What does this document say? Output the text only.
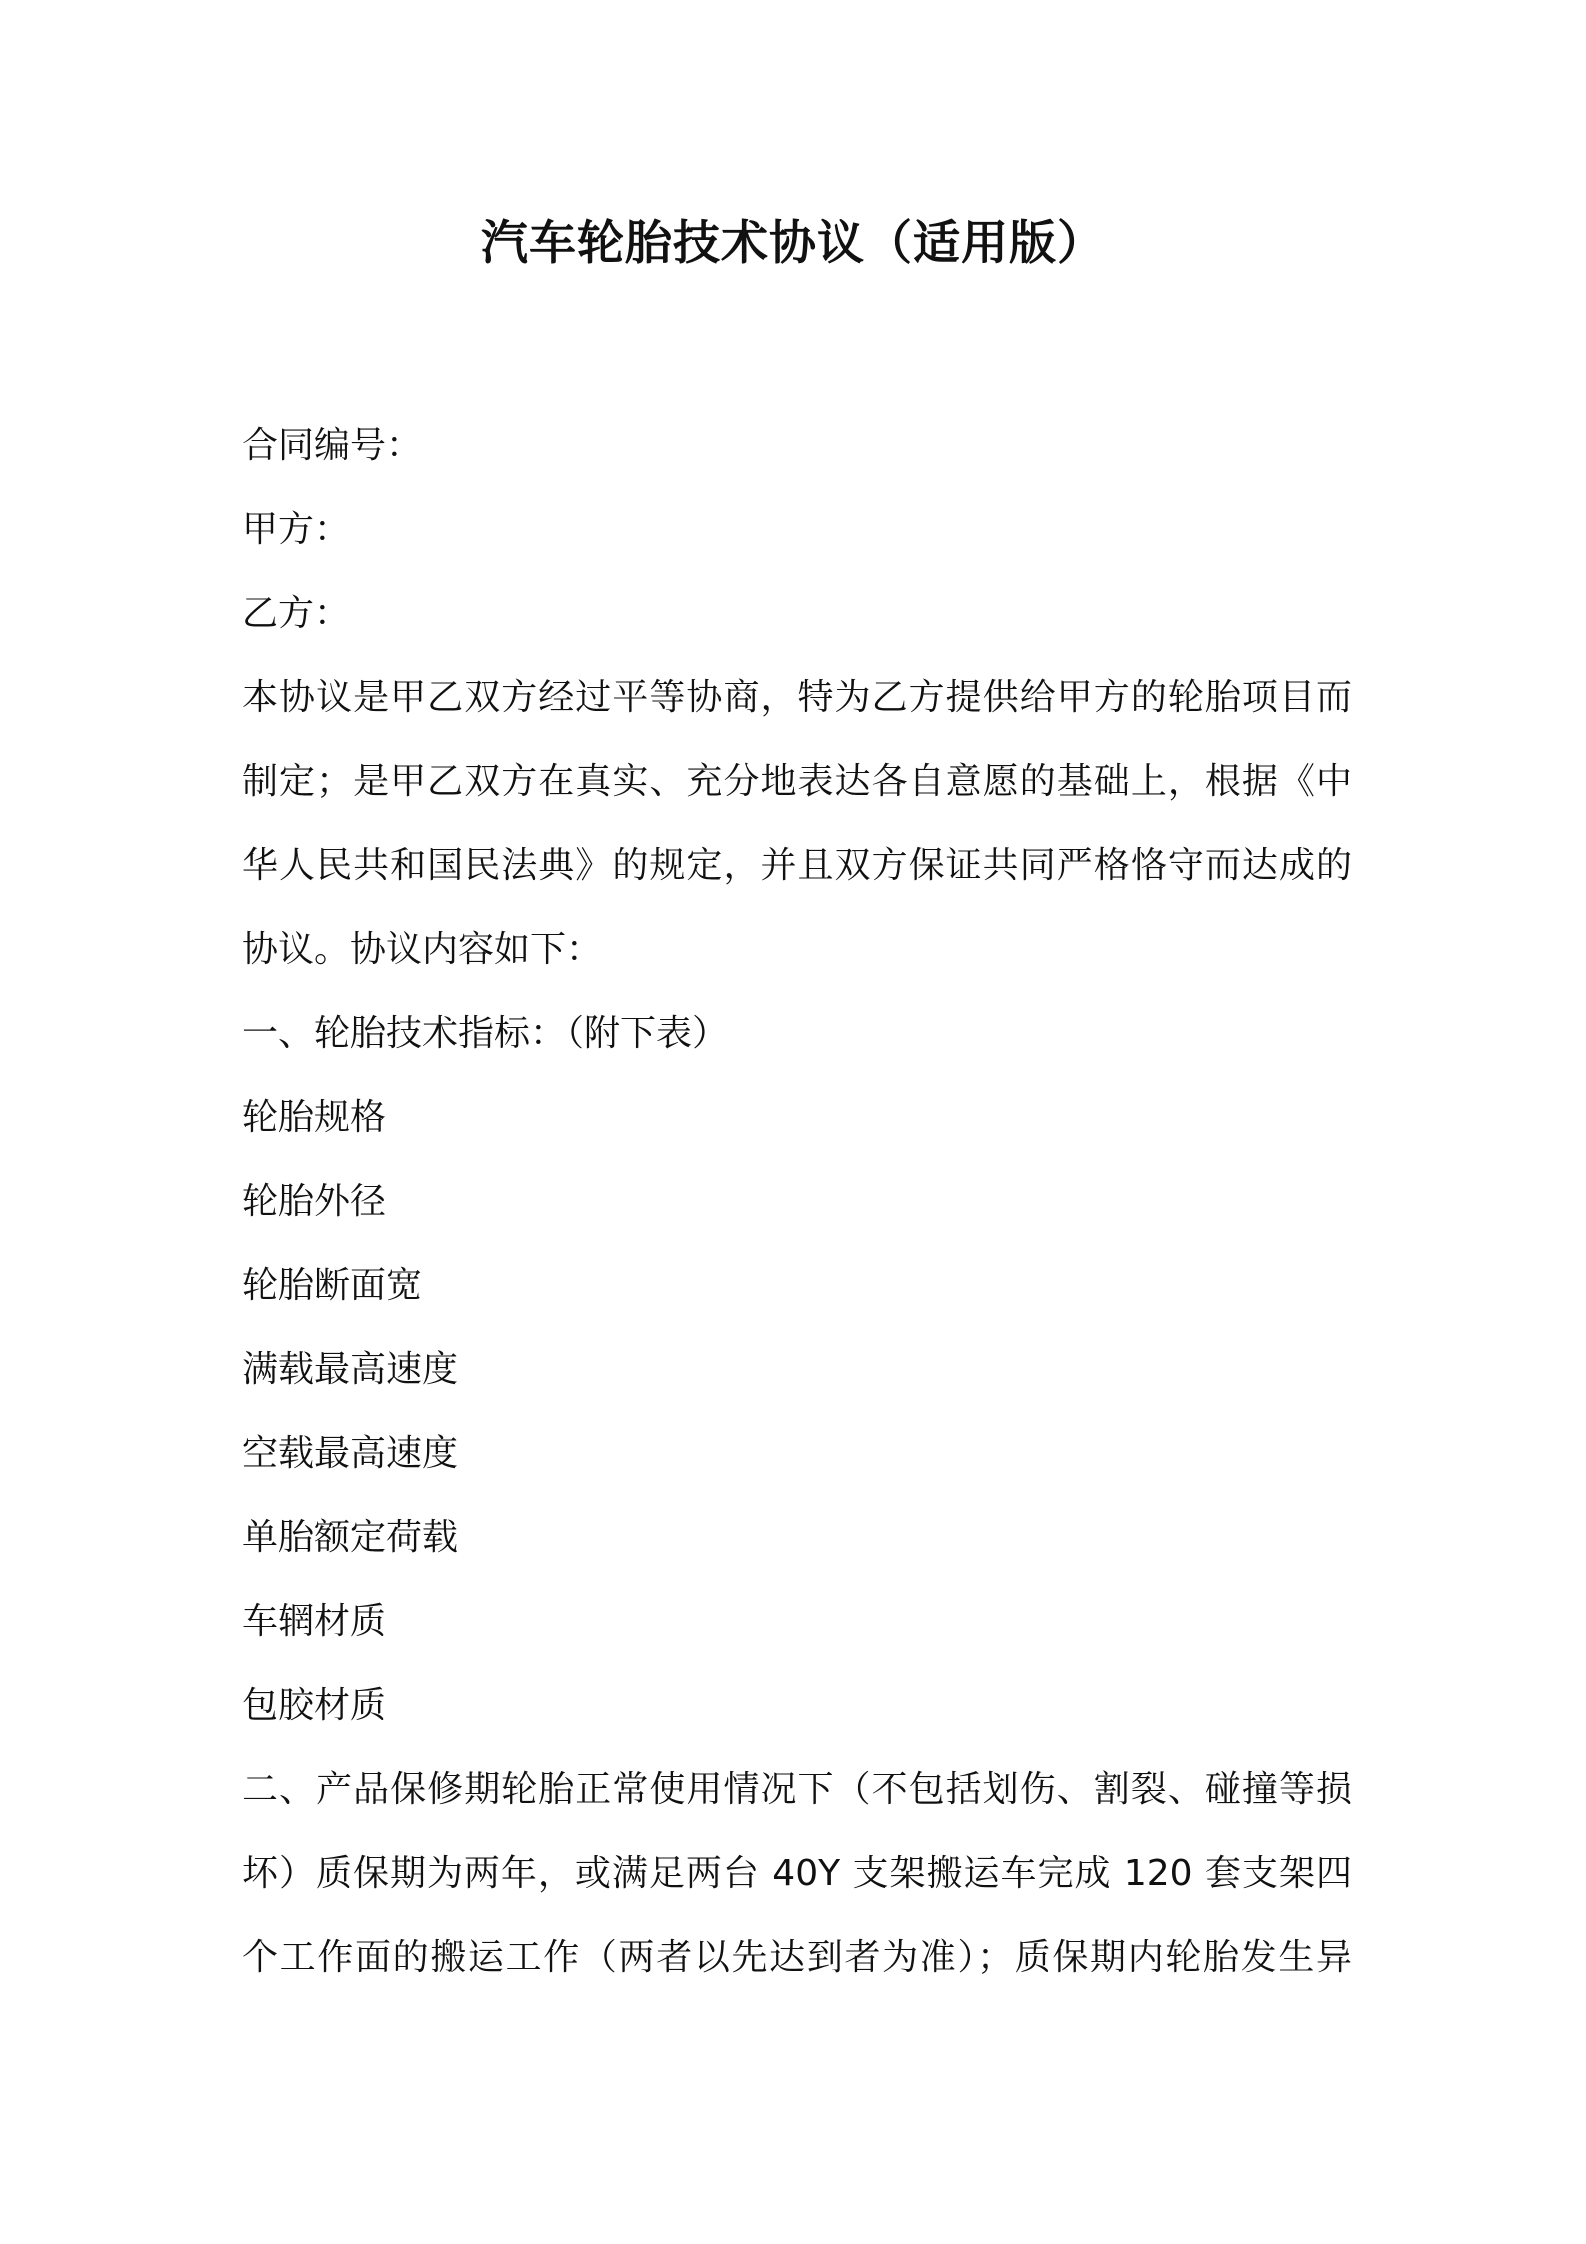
汽车轮胎技术协议（适用版）

合同编号：

甲方：

乙方：

本协议是甲乙双方经过平等协商，特为乙方提供给甲方的轮胎项目而

制定；是甲乙双方在真实、充分地表达各自意愿的基础上，根据《中

华人民共和国民法典》的规定，并且双方保证共同严格恪守而达成的

协议。协议内容如下：

一、轮胎技术指标：（附下表）

轮胎规格

轮胎外径

轮胎断面宽

满载最高速度

空载最高速度

单胎额定荷载

车辋材质

包胶材质

二、产品保修期轮胎正常使用情况下（不包括划伤、割裂、碰撞等损

坏）质保期为两年，或满足两台 40Y 支架搬运车完成 120 套支架四

个工作面的搬运工作（两者以先达到者为准）；质保期内轮胎发生异
